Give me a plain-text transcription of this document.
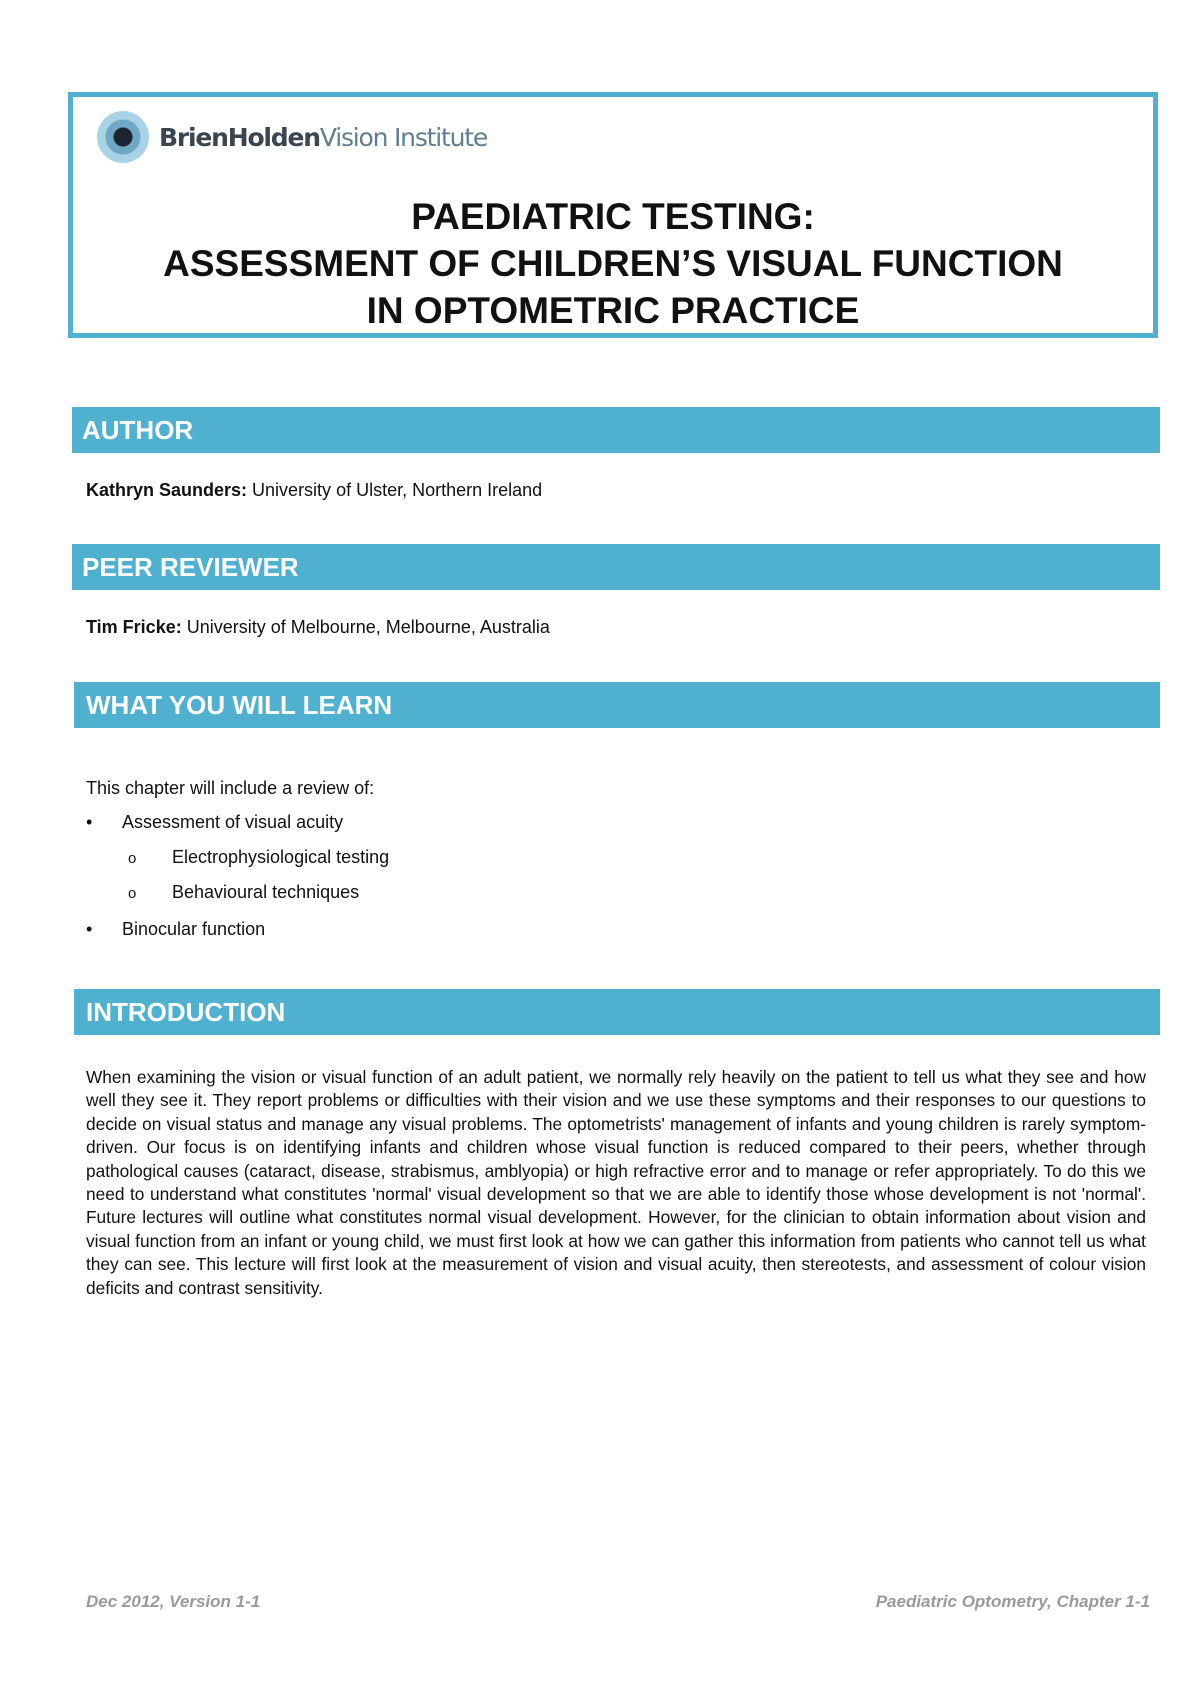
BrienHoldenVision Institute
PAEDIATRIC TESTING:
ASSESSMENT OF CHILDREN’S VISUAL FUNCTION
IN OPTOMETRIC PRACTICE
AUTHOR
Kathryn Saunders: University of Ulster, Northern Ireland
PEER REVIEWER
Tim Fricke: University of Melbourne, Melbourne, Australia
WHAT YOU WILL LEARN
This chapter will include a review of:
• Assessment of visual acuity
o Electrophysiological testing
o Behavioural techniques
• Binocular function
INTRODUCTION
When examining the vision or visual function of an adult patient, we normally rely heavily on the patient to tell us what they see and how well they see it. They report problems or difficulties with their vision and we use these symptoms and their responses to our questions to decide on visual status and manage any visual problems. The optometrists' management of infants and young children is rarely symptom-driven. Our focus is on identifying infants and children whose visual function is reduced compared to their peers, whether through pathological causes (cataract, disease, strabismus, amblyopia) or high refractive error and to manage or refer appropriately. To do this we need to understand what constitutes 'normal' visual development so that we are able to identify those whose development is not 'normal'. Future lectures will outline what constitutes normal visual development. However, for the clinician to obtain information about vision and visual function from an infant or young child, we must first look at how we can gather this information from patients who cannot tell us what they can see. This lecture will first look at the measurement of vision and visual acuity, then stereotests, and assessment of colour vision deficits and contrast sensitivity.
Dec 2012, Version 1-1	Paediatric Optometry, Chapter 1-1
